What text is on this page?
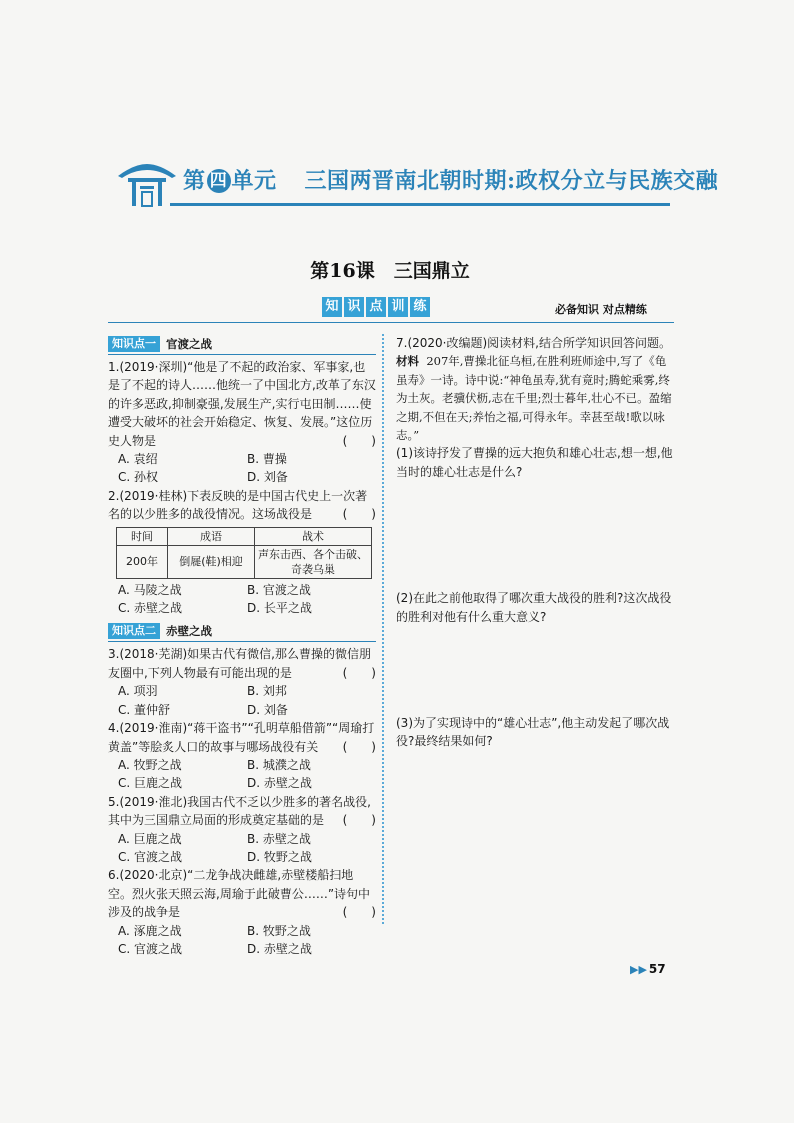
第 四 单元 三国两晋南北朝时期:政权分立与民族交融
第16课　三国鼎立
知 识 点 训 练	必备知识 对点精练
知识点一 官渡之战
1.(2019·深圳)“他是了不起的政治家、军事家,也是了不起的诗人……他统一了中国北方,改革了东汉的许多恶政,抑制豪强,发展生产,实行屯田制……使遭受大破坏的社会开始稳定、恢复、发展。”这位历史人物是	(　　)
A. 袁绍	B. 曹操
C. 孙权	D. 刘备
2.(2019·桂林)下表反映的是中国古代史上一次著名的以少胜多的战役情况。这场战役是	(　　)
时间	成语	战术
200年	倒屣(鞋)相迎	声东击西、各个击破、奇袭乌巢
A. 马陵之战	B. 官渡之战
C. 赤壁之战	D. 长平之战
知识点二 赤壁之战
3.(2018·芜湖)如果古代有微信,那么曹操的微信朋友圈中,下列人物最有可能出现的是	(　　)
A. 项羽	B. 刘邦
C. 董仲舒	D. 刘备
4.(2019·淮南)“蒋干盗书”“孔明草船借箭”“周瑜打黄盖”等脍炙人口的故事与哪场战役有关 (　　)
A. 牧野之战	B. 城濮之战
C. 巨鹿之战	D. 赤壁之战
5.(2019·淮北)我国古代不乏以少胜多的著名战役,其中为三国鼎立局面的形成奠定基础的是 (　　)
A. 巨鹿之战	B. 赤壁之战
C. 官渡之战	D. 牧野之战
6.(2020·北京)“二龙争战决雌雄,赤壁楼船扫地空。烈火张天照云海,周瑜于此破曹公……”诗句中涉及的战争是	(　　)
A. 涿鹿之战	B. 牧野之战
C. 官渡之战	D. 赤壁之战
7.(2020·改编题)阅读材料,结合所学知识回答问题。
材料 207年,曹操北征乌桓,在胜利班师途中,写了《龟虽寿》一诗。诗中说:“神龟虽寿,犹有竟时;腾蛇乘雾,终为土灰。老骥伏枥,志在千里;烈士暮年,壮心不已。盈缩之期,不但在天;养怡之福,可得永年。幸甚至哉!歌以咏志。”
(1)该诗抒发了曹操的远大抱负和雄心壮志,想一想,他当时的雄心壮志是什么?
(2)在此之前他取得了哪次重大战役的胜利?这次战役的胜利对他有什么重大意义?
(3)为了实现诗中的“雄心壮志”,他主动发起了哪次战役?最终结果如何?
▶▶ 57
